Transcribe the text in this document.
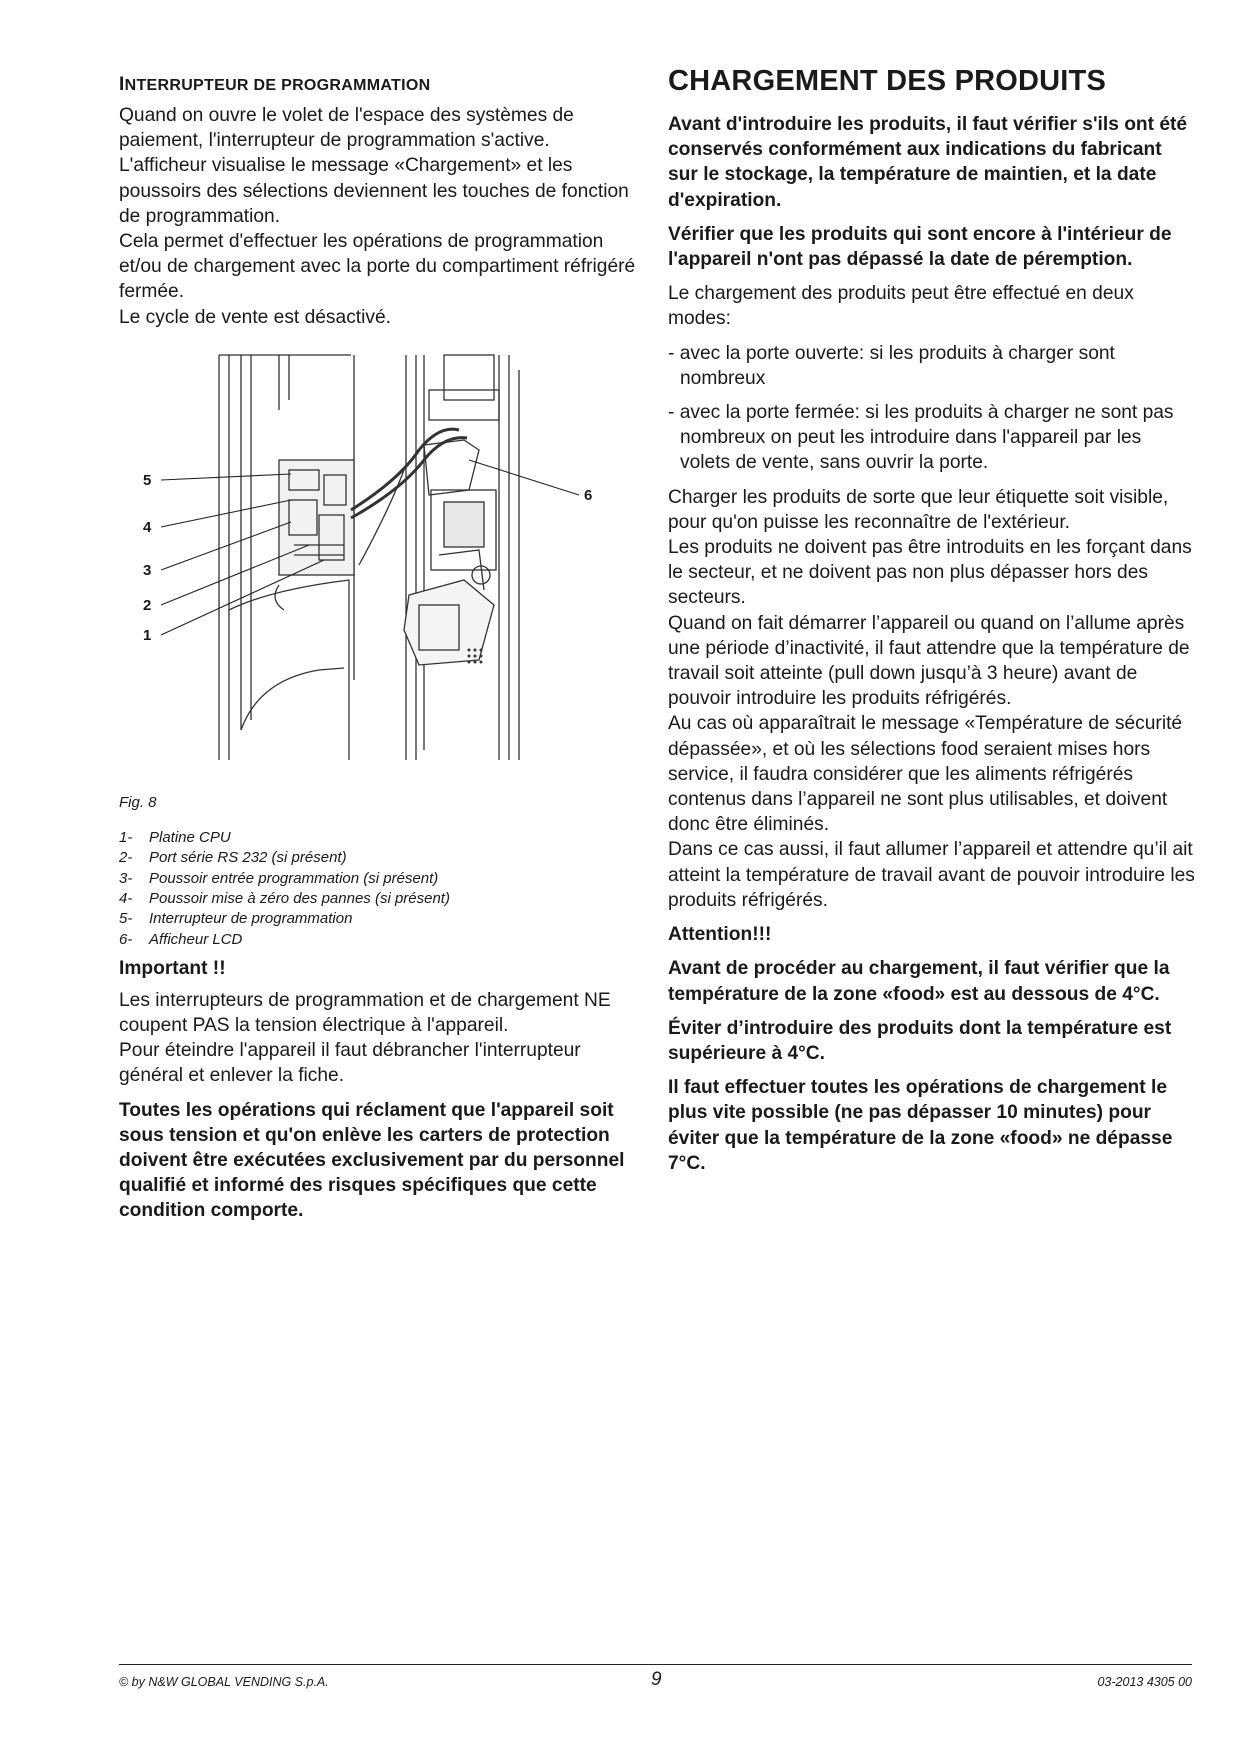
INTERRUPTEUR DE PROGRAMMATION

Quand on ouvre le volet de l'espace des systèmes de paiement, l'interrupteur de programmation s'active. L'afficheur visualise le message «Chargement» et les poussoirs des sélections deviennent les touches de fonction de programmation.

Cela permet d'effectuer les opérations de programmation et/ou de chargement avec la porte du compartiment réfrigéré fermée.

Le cycle de vente est désactivé.

5
4
3
2
1
6

Fig. 8

1-	Platine CPU
2-	Port série RS 232 (si présent)
3-	Poussoir entrée programmation (si présent)
4-	Poussoir mise à zéro des pannes (si présent)
5-	Interrupteur de programmation
6-	Afficheur LCD
Important !!

Les interrupteurs de programmation et de chargement NE coupent PAS la tension électrique à l'appareil.

Pour éteindre l'appareil il faut débrancher l'interrupteur général et enlever la fiche.

Toutes les opérations qui réclament que l'appareil soit sous tension et qu'on enlève les carters de protection doivent être exécutées exclusivement par du personnel qualifié et informé des risques spécifiques que cette condition comporte.

CHARGEMENT DES PRODUITS

Avant d'introduire les produits, il faut vérifier s'ils ont été conservés conformément aux indications du fabricant sur le stockage, la température de maintien, et la date d'expiration.

Vérifier que les produits qui sont encore à l'intérieur de l'appareil n'ont pas dépassé la date de péremption.

Le chargement des produits peut être effectué en deux modes:

- avec la porte ouverte: si les produits à charger sont nombreux

- avec la porte fermée: si les produits à charger ne sont pas nombreux on peut les introduire dans l'appareil par les volets de vente, sans ouvrir la porte.

Charger les produits de sorte que leur étiquette soit visible, pour qu'on puisse les reconnaître de l'extérieur.

Les produits ne doivent pas être introduits en les forçant dans le secteur, et ne doivent pas non plus dépasser hors des secteurs.

Quand on fait démarrer l’appareil ou quand on l’allume après une période d’inactivité, il faut attendre que la température de travail soit atteinte (pull down jusqu’à 3 heure) avant de pouvoir introduire les produits réfrigérés.

Au cas où apparaîtrait le message «Température de sécurité dépassée», et où les sélections food seraient mises hors service, il faudra considérer que les aliments réfrigérés contenus dans l’appareil ne sont plus utilisables, et doivent donc être éliminés.

Dans ce cas aussi, il faut allumer l’appareil et attendre qu’il ait atteint la température de travail avant de pouvoir introduire les produits réfrigérés.

Attention!!!

Avant de procéder au chargement, il faut vérifier que la température de la zone «food» est au dessous de 4°C.

Éviter d’introduire des produits dont la température est supérieure à 4°C.

Il faut effectuer toutes les opérations de chargement le plus vite possible (ne pas dépasser 10 minutes) pour éviter que la température de la zone «food» ne dépasse 7°C.

© by N&W GLOBAL VENDING S.p.A.	9	03-2013 4305 00
